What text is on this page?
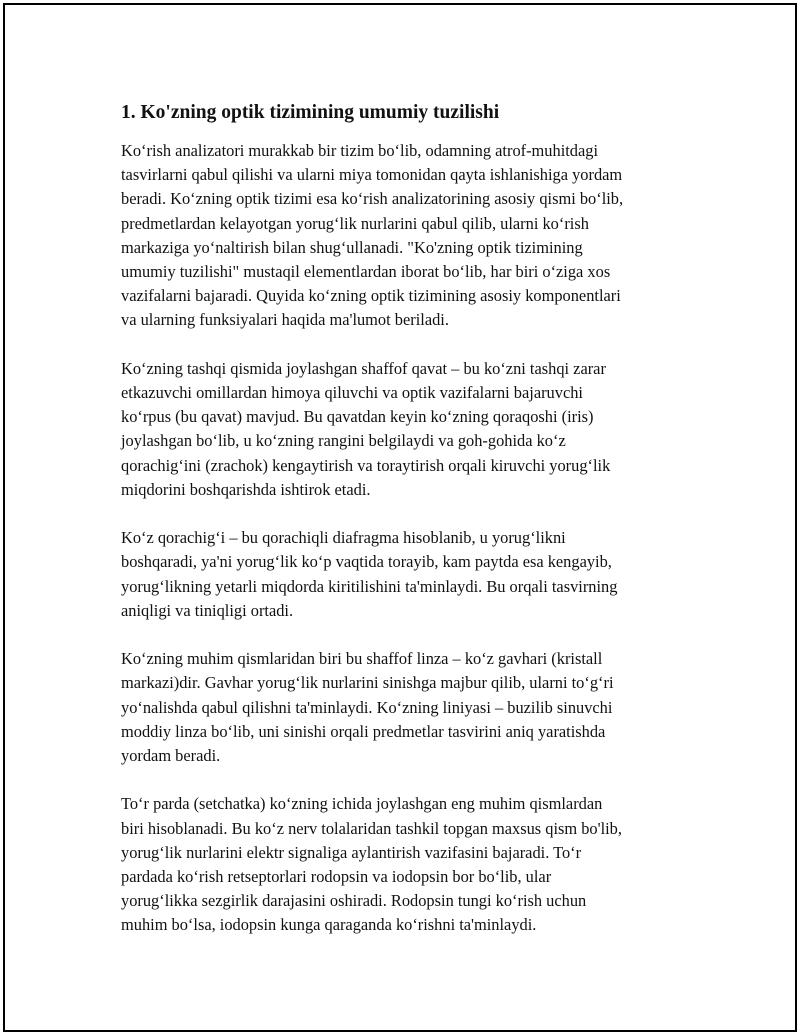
1. Ko'zning optik tizimining umumiy tuzilishi

Ko‘rish analizatori murakkab bir tizim bo‘lib, odamning atrof-muhitdagi
tasvirlarni qabul qilishi va ularni miya tomonidan qayta ishlanishiga yordam
beradi. Ko‘zning optik tizimi esa ko‘rish analizatorining asosiy qismi bo‘lib,
predmetlardan kelayotgan yorug‘lik nurlarini qabul qilib, ularni ko‘rish
markaziga yo‘naltirish bilan shug‘ullanadi. "Ko'zning optik tizimining
umumiy tuzilishi" mustaqil elementlardan iborat bo‘lib, har biri o‘ziga xos
vazifalarni bajaradi. Quyida ko‘zning optik tizimining asosiy komponentlari
va ularning funksiyalari haqida ma'lumot beriladi.

Ko‘zning tashqi qismida joylashgan shaffof qavat – bu ko‘zni tashqi zarar
etkazuvchi omillardan himoya qiluvchi va optik vazifalarni bajaruvchi
ko‘rpus (bu qavat) mavjud. Bu qavatdan keyin ko‘zning qoraqoshi (iris)
joylashgan bo‘lib, u ko‘zning rangini belgilaydi va goh-gohida ko‘z
qorachig‘ini (zrachok) kengaytirish va toraytirish orqali kiruvchi yorug‘lik
miqdorini boshqarishda ishtirok etadi.

Ko‘z qorachig‘i – bu qorachiqli diafragma hisoblanib, u yorug‘likni
boshqaradi, ya'ni yorug‘lik ko‘p vaqtida torayib, kam paytda esa kengayib,
yorug‘likning yetarli miqdorda kiritilishini ta'minlaydi. Bu orqali tasvirning
aniqligi va tiniqligi ortadi.

Ko‘zning muhim qismlaridan biri bu shaffof linza – ko‘z gavhari (kristall
markazi)dir. Gavhar yorug‘lik nurlarini sinishga majbur qilib, ularni to‘g‘ri
yo‘nalishda qabul qilishni ta'minlaydi. Ko‘zning liniyasi – buzilib sinuvchi
moddiy linza bo‘lib, uni sinishi orqali predmetlar tasvirini aniq yaratishda
yordam beradi.

To‘r parda (setchatka) ko‘zning ichida joylashgan eng muhim qismlardan
biri hisoblanadi. Bu ko‘z nerv tolalaridan tashkil topgan maxsus qism bo'lib,
yorug‘lik nurlarini elektr signaliga aylantirish vazifasini bajaradi. To‘r
pardada ko‘rish retseptorlari rodopsin va iodopsin bor bo‘lib, ular
yorug‘likka sezgirlik darajasini oshiradi. Rodopsin tungi ko‘rish uchun
muhim bo‘lsa, iodopsin kunga qaraganda ko‘rishni ta'minlaydi.
